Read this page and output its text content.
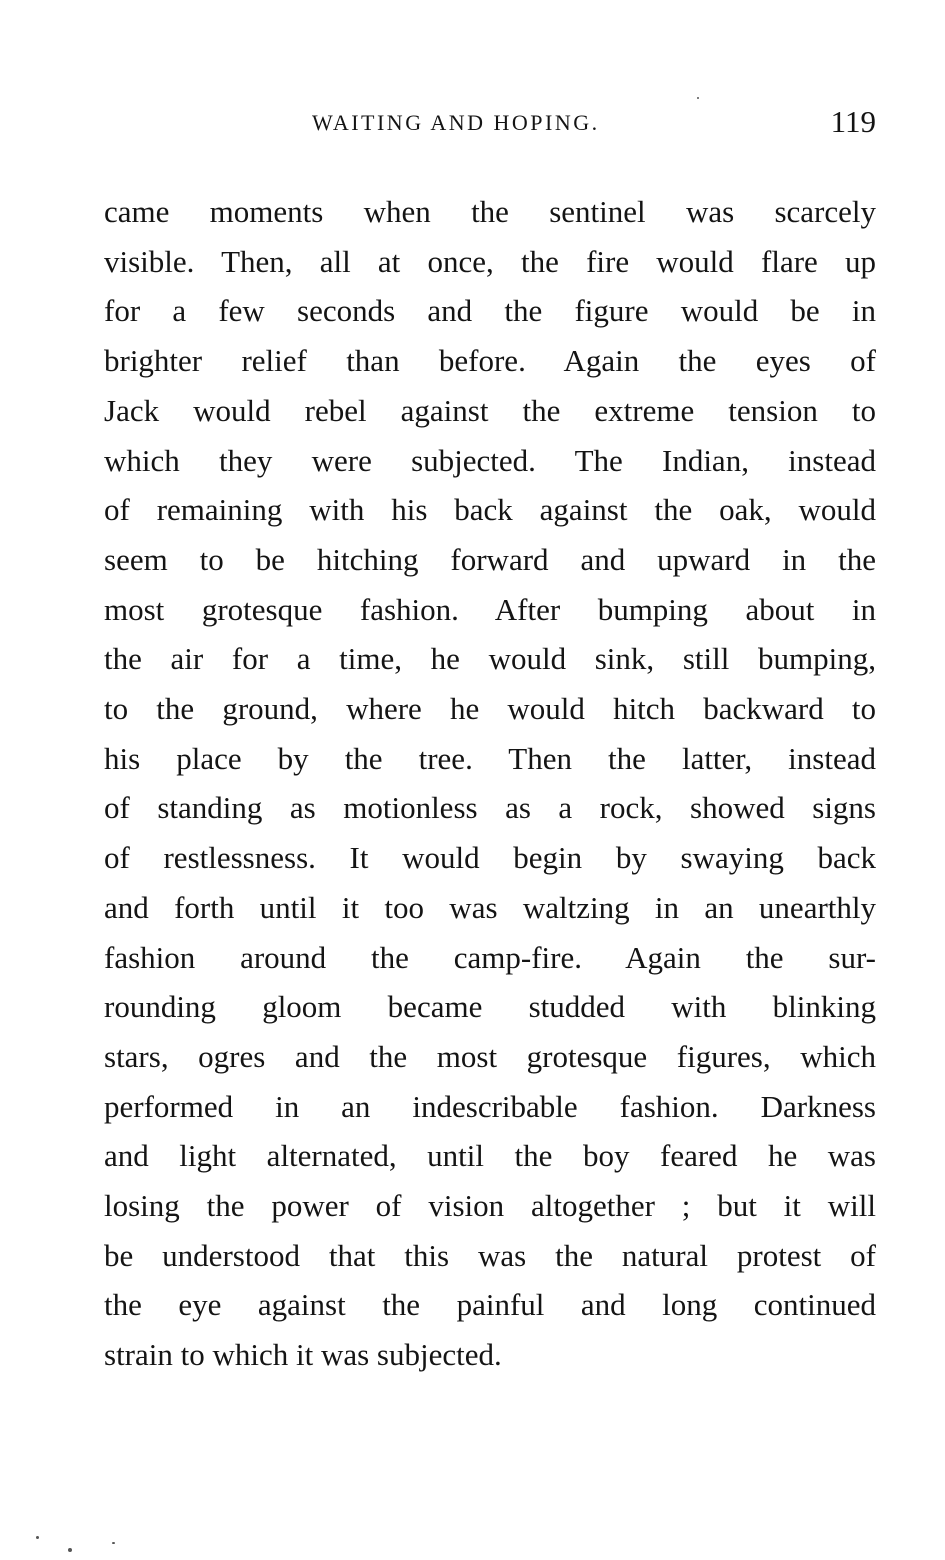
WAITING AND HOPING.	119
came moments when the sentinel was scarcely
visible. Then, all at once, the fire would flare up
for a few seconds and the figure would be in
brighter relief than before. Again the eyes of
Jack would rebel against the extreme tension to
which they were subjected. The Indian, instead
of remaining with his back against the oak, would
seem to be hitching forward and upward in the
most grotesque fashion. After bumping about in
the air for a time, he would sink, still bumping,
to the ground, where he would hitch backward to
his place by the tree. Then the latter, instead
of standing as motionless as a rock, showed signs
of restlessness. It would begin by swaying back
and forth until it too was waltzing in an unearthly
fashion around the camp-fire. Again the sur-
rounding gloom became studded with blinking
stars, ogres and the most grotesque figures, which
performed in an indescribable fashion. Darkness
and light alternated, until the boy feared he was
losing the power of vision altogether ; but it will
be understood that this was the natural protest of
the eye against the painful and long continued
strain to which it was subjected.
